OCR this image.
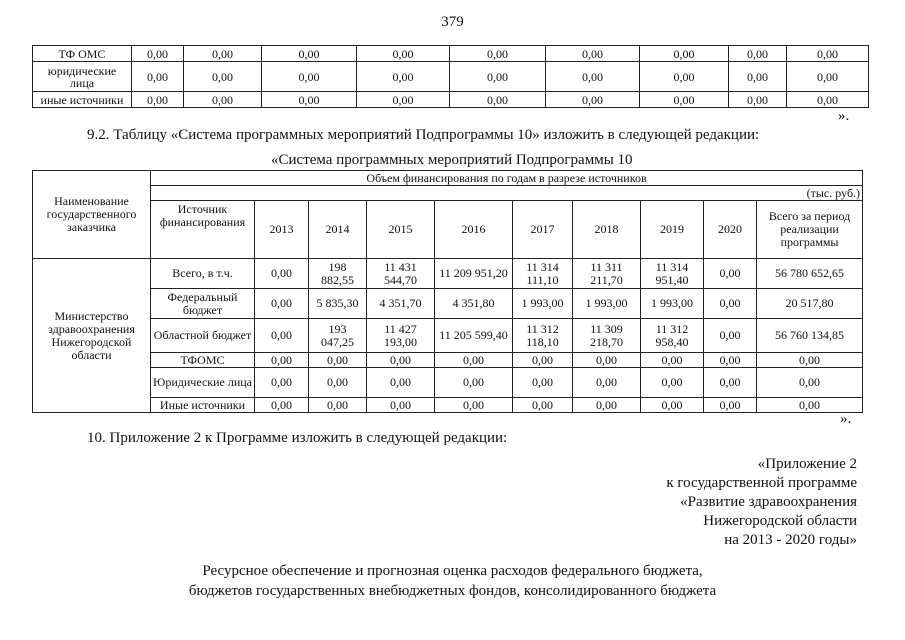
379
ТФ ОМС	0,00	0,00	0,00	0,00	0,00	0,00	0,00	0,00	0,00
юридические лица	0,00	0,00	0,00	0,00	0,00	0,00	0,00	0,00	0,00
иные источники	0,00	0,00	0,00	0,00	0,00	0,00	0,00	0,00	0,00
».
9.2. Таблицу «Система программных мероприятий Подпрограммы 10» изложить в следующей редакции:
«Система программных мероприятий Подпрограммы 10
Наименование государственного заказчика	Объем финансирования по годам в разрезе источников									
	(тыс. руб.)									
	Источник финансирования	2013	2014	2015	2016	2017	2018	2019	2020	Всего за период реализации программы
Министерство здравоохранения Нижегородской области	Всего, в т.ч.	0,00	198 882,55	11 431 544,70	11 209 951,20	11 314 111,10	11 311 211,70	11 314 951,40	0,00	56 780 652,65
	Федеральный бюджет	0,00	5 835,30	4 351,70	4 351,80	1 993,00	1 993,00	1 993,00	0,00	20 517,80
	Областной бюджет	0,00	193 047,25	11 427 193,00	11 205 599,40	11 312 118,10	11 309 218,70	11 312 958,40	0,00	56 760 134,85
	ТФОМС	0,00	0,00	0,00	0,00	0,00	0,00	0,00	0,00	0,00
	Юридические лица	0,00	0,00	0,00	0,00	0,00	0,00	0,00	0,00	0,00
	Иные источники	0,00	0,00	0,00	0,00	0,00	0,00	0,00	0,00	0,00
».
10. Приложение 2 к Программе изложить в следующей редакции:
«Приложение 2
к государственной программе
«Развитие здравоохранения
Нижегородской области
на 2013 - 2020 годы»
Ресурсное обеспечение и прогнозная оценка расходов федерального бюджета,
бюджетов государственных внебюджетных фондов, консолидированного бюджета
